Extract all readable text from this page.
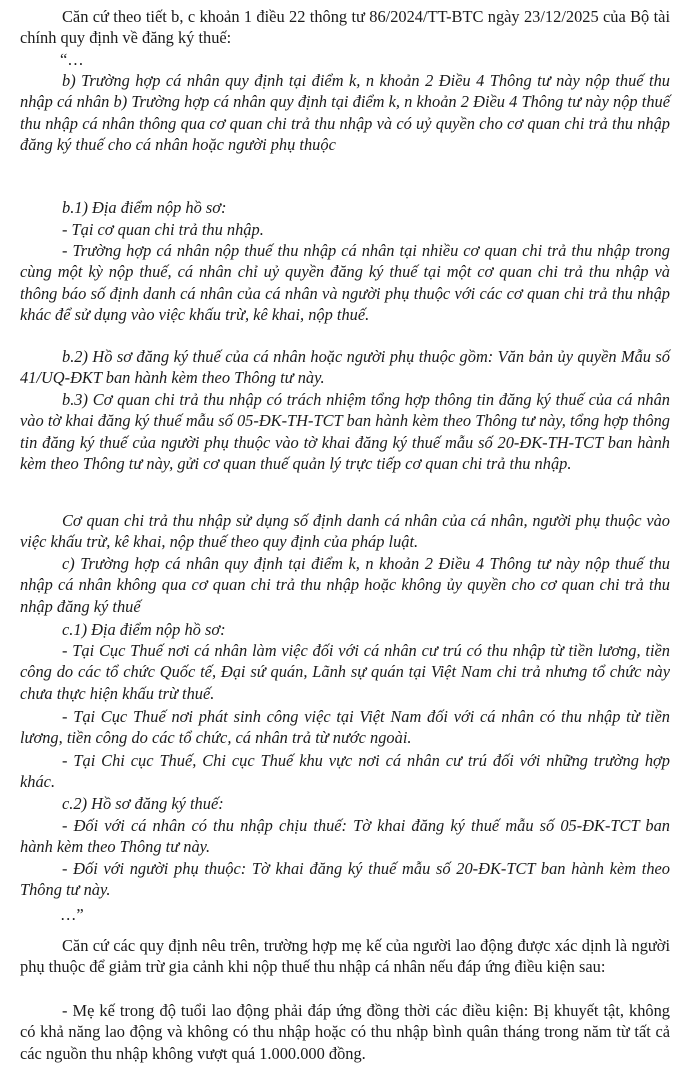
Căn cứ theo tiết b, c khoản 1 điều 22 thông tư 86/2024/TT-BTC ngày 23/12/2025 của Bộ tài chính quy định về đăng ký thuế:

“…

b) Trường hợp cá nhân quy định tại điểm k, n khoản 2 Điều 4 Thông tư này nộp thuế thu nhập cá nhân b) Trường hợp cá nhân quy định tại điểm k, n khoản 2 Điều 4 Thông tư này nộp thuế thu nhập cá nhân thông qua cơ quan chi trả thu nhập và có uỷ quyền cho cơ quan chi trả thu nhập đăng ký thuế cho cá nhân hoặc người phụ thuộc

b.1) Địa điểm nộp hồ sơ:

- Tại cơ quan chi trả thu nhập.

- Trường hợp cá nhân nộp thuế thu nhập cá nhân tại nhiều cơ quan chi trả thu nhập trong cùng một kỳ nộp thuế, cá nhân chỉ uỷ quyền đăng ký thuế tại một cơ quan chi trả thu nhập và thông báo số định danh cá nhân của cá nhân và người phụ thuộc với các cơ quan chi trả thu nhập khác để sử dụng vào việc khấu trừ, kê khai, nộp thuế.

b.2) Hồ sơ đăng ký thuế của cá nhân hoặc người phụ thuộc gồm: Văn bản ủy quyền Mẫu số 41/UQ-ĐKT ban hành kèm theo Thông tư này.

b.3) Cơ quan chi trả thu nhập có trách nhiệm tổng hợp thông tin đăng ký thuế của cá nhân vào tờ khai đăng ký thuế mẫu số 05-ĐK-TH-TCT ban hành kèm theo Thông tư này, tổng hợp thông tin đăng ký thuế của người phụ thuộc vào tờ khai đăng ký thuế mẫu số 20-ĐK-TH-TCT ban hành kèm theo Thông tư này, gửi cơ quan thuế quản lý trực tiếp cơ quan chi trả thu nhập.

Cơ quan chi trả thu nhập sử dụng số định danh cá nhân của cá nhân, người phụ thuộc vào việc khấu trừ, kê khai, nộp thuế theo quy định của pháp luật.

c) Trường hợp cá nhân quy định tại điểm k, n khoản 2 Điều 4 Thông tư này nộp thuế thu nhập cá nhân không qua cơ quan chi trả thu nhập hoặc không ủy quyền cho cơ quan chi trả thu nhập đăng ký thuế

c.1) Địa điểm nộp hồ sơ:

- Tại Cục Thuế nơi cá nhân làm việc đối với cá nhân cư trú có thu nhập từ tiền lương, tiền công do các tổ chức Quốc tế, Đại sứ quán, Lãnh sự quán tại Việt Nam chi trả nhưng tổ chức này chưa thực hiện khấu trừ thuế.

- Tại Cục Thuế nơi phát sinh công việc tại Việt Nam đối với cá nhân có thu nhập từ tiền lương, tiền công do các tổ chức, cá nhân trả từ nước ngoài.

- Tại Chi cục Thuế, Chi cục Thuế khu vực nơi cá nhân cư trú đối với những trường hợp khác.

c.2) Hồ sơ đăng ký thuế:

- Đối với cá nhân có thu nhập chịu thuế: Tờ khai đăng ký thuế mẫu số 05-ĐK-TCT ban hành kèm theo Thông tư này.

- Đối với người phụ thuộc: Tờ khai đăng ký thuế mẫu số 20-ĐK-TCT ban hành kèm theo Thông tư này.

…”

Căn cứ các quy định nêu trên, trường hợp mẹ kế của người lao động được xác dịnh là người phụ thuộc để giảm trừ gia cảnh khi nộp thuế thu nhập cá nhân nếu đáp ứng điều kiện sau:

- Mẹ kế trong độ tuổi lao động phải đáp ứng đồng thời các điều kiện: Bị khuyết tật, không có khả năng lao động và không có thu nhập hoặc có thu nhập bình quân tháng trong năm từ tất cả các nguồn thu nhập không vượt quá 1.000.000 đồng.
